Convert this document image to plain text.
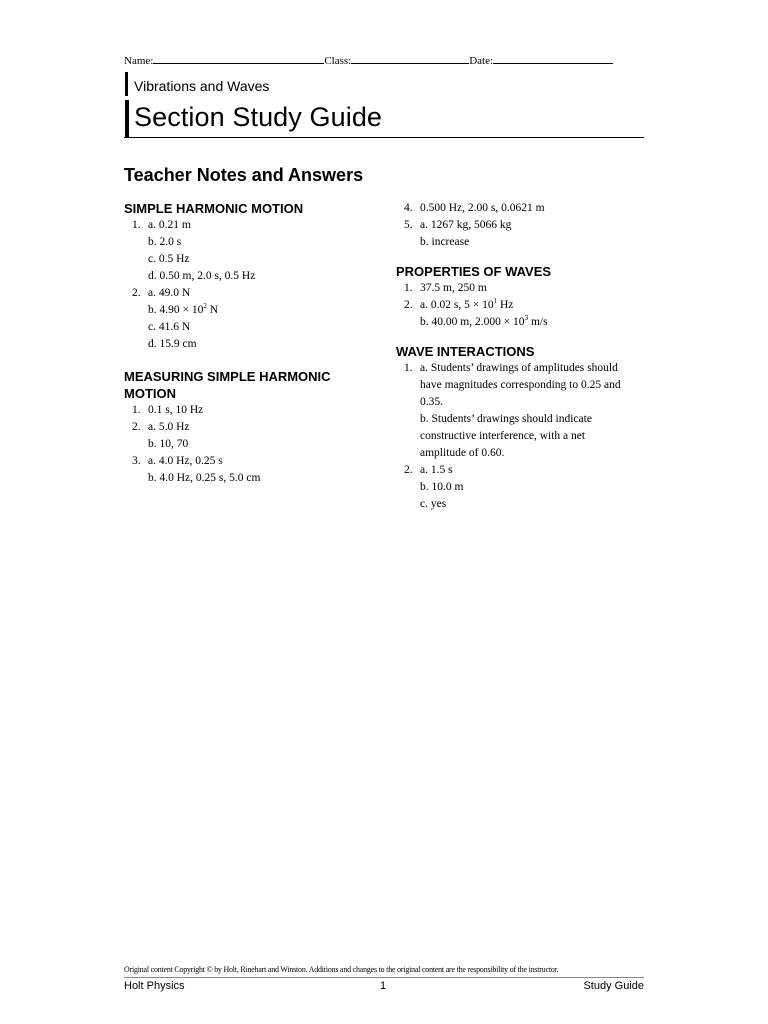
Name:	Class:	Date:
Vibrations and Waves
Section Study Guide
Teacher Notes and Answers
SIMPLE HARMONIC MOTION
1. a. 0.21 m
b. 2.0 s
c. 0.5 Hz
d. 0.50 m, 2.0 s, 0.5 Hz
2. a. 49.0 N
b. $4.90 \times 10^2$ N
c. 41.6 N
d. 15.9 cm
MEASURING SIMPLE HARMONIC
MOTION
1. 0.1 s, 10 Hz
2. a. 5.0 Hz
b. 10, 70
3. a. 4.0 Hz, 0.25 s
b. 4.0 Hz, 0.25 s, 5.0 cm
4. 0.500 Hz, 2.00 s, 0.0621 m
5. a. 1267 kg, 5066 kg
b. increase
PROPERTIES OF WAVES
1. 37.5 m, 250 m
2. a. 0.02 s, $5 \times 10^1$ Hz
b. 40.00 m, $2.000 \times 10^3$ m/s
WAVE INTERACTIONS
1. a. Students’ drawings of amplitudes should
have magnitudes corresponding to 0.25 and
0.35.
b. Students’ drawings should indicate
constructive interference, with a net
amplitude of 0.60.
2. a. 1.5 s
b. 10.0 m
c. yes
Original content Copyright © by Holt, Rinehart and Winston. Additions and changes to the original content are the responsibility of the instructor.
Holt Physics	1	Study Guide
